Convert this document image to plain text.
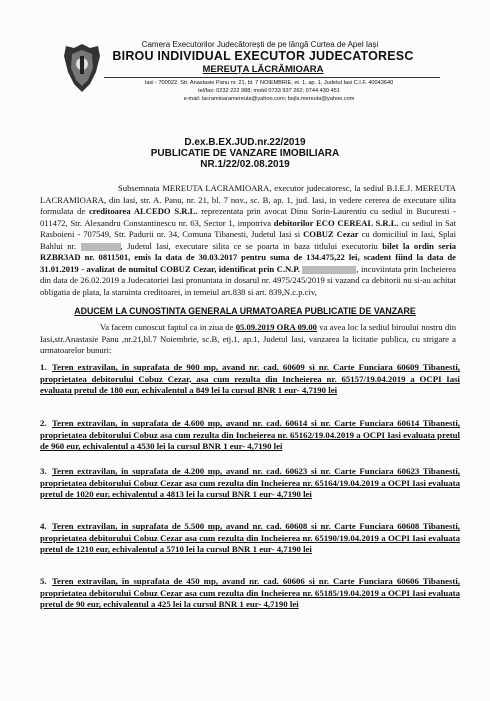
Camera Executorilor Judecătorești de pe lângă Curtea de Apel Iași
BIROU INDIVIDUAL EXECUTOR JUDECATORESC
MEREUȚA LĂCRĂMIOARA
Iasi - 700022, Str. Anastasie Panu nr. 21, bl. 7 NOIEMBRIE, et. 1, ap. 1, Judetul Iasi C.I.F. 40043640
tel/fax: 0232 222 988; mobil 0733 937 262; 0744 430 451
e-mail: lacramioaramereuta@yahoo.com; bejls.mereuta@yahoo.com
D.ex.B.EX.JUD.nr.22/2019
PUBLICATIE DE VANZARE IMOBILIARA
NR.1/22/02.08.2019
Subsemnata MEREUTA LACRAMIOARA, executor judecatoresc, la sediul B.I.E.J. MEREUTA LACRAMIOARA, din Iasi, str. A. Panu, nr. 21, bl. 7 nov., sc. B, ap. 1, jud. Iasi, in vedere cererea de executare silita formulata de creditoarea ALCEDO S.R.L. reprezentata prin avocat Dinu Sorin-Laurentiu cu sediul in Bucuresti - 011472, Str. Alexandru Constantinescu nr. 63, Sector 1, impotriva debitorilor ECO CEREAL S.R.L. cu sediul in Sat Rasboieni - 707549, Str. Padurii nr. 34, Comuna Tibanesti, Judetul Iasi si COBUZ Cezar cu domiciliul in Iasi, Splai Bahlui nr.	, Judetul Iasi, executare silita ce se poarta in baza titlului executoriu bilet la ordin seria RZBR3AD nr. 0811501, emis la data de 30.03.2017 pentru suma de 134.475,22 lei, scadent fiind la data de 31.01.2019 - avalizat de numitul COBUZ Cezar, identificat prin C.N.P.	, incuviintata prin Incheierea din data de 26.02.2019 a Judecatoriei Iasi pronuntata in dosarul nr. 4975/245/2019 si vazand ca debitorii nu si-au achitat obligatia de plata, la staruinta creditoarei, in temeiul art.838 si art. 839,N.c.p.civ,
ADUCEM LA CUNOSTINTA GENERALA URMATOAREA PUBLICATIE DE VANZARE
Va facem cunoscut faptul ca in ziua de 05.09.2019 ORA 09.00 va avea loc la sediul biroului nostru din Iasi,str.Anastasie Panu ,nr.21,bl.7 Noiembrie, sc.B, etj.1, ap.1, Judetul Iasi, vanzarea la licitatie publica, cu strigare a urmatoarelor bunuri:
1. Teren extravilan, in suprafata de 900 mp, avand nr. cad. 60609 si nr. Carte Funciara 60609 Tibanesti, proprietatea debitorului Cobuz Cezar, asa cum rezulta din Incheierea nr. 65157/19.04.2019 a OCPI Iasi evaluata pretul de 180 eur, echivalentul a 849 lei la cursul BNR 1 eur- 4,7190 lei
2. Teren extravilan, in suprafata de 4.600 mp, avand nr. cad. 60614 si nr. Carte Funciara 60614 Tibanesti, proprietatea debitorului Cobuz asa cum rezulta din Incheierea nr. 65162/19.04.2019 a OCPI Iasi evaluata pretul de 960 eur, echivalentul a 4530 lei la cursul BNR 1 eur- 4,7190 lei
3. Teren extravilan, in suprafata de 4.200 mp, avand nr. cad. 60623 si nr. Carte Funciara 60623 Tibanesti, proprietatea debitorului Cobuz Cezar asa cum rezulta din Incheierea nr. 65164/19.04.2019 a OCPI Iasi evaluata pretul de 1020 eur, echivalentul a 4813 lei la cursul BNR 1 eur- 4,7190 lei
4. Teren extravilan, in suprafata de 5.500 mp, avand nr. cad. 60608 si nr. Carte Funciara 60608 Tibanesti, proprietatea debitorului Cobuz Cezar asa cum rezulta din Incheierea nr. 65190/19.04.2019 a OCPI Iasi evaluata pretul de 1210 eur, echivalentul a 5710 lei la cursul BNR 1 eur- 4,7190 lei
5. Teren extravilan, in suprafata de 450 mp, avand nr. cad. 60606 si nr. Carte Funciara 60606 Tibanesti, proprietatea debitorului Cobuz Cezar asa cum rezulta din Incheierea nr. 65185/19.04.2019 a OCPI Iasi evaluata pretul de 90 eur, echivalentul a 425 lei la cursul BNR 1 eur- 4,7190 lei
